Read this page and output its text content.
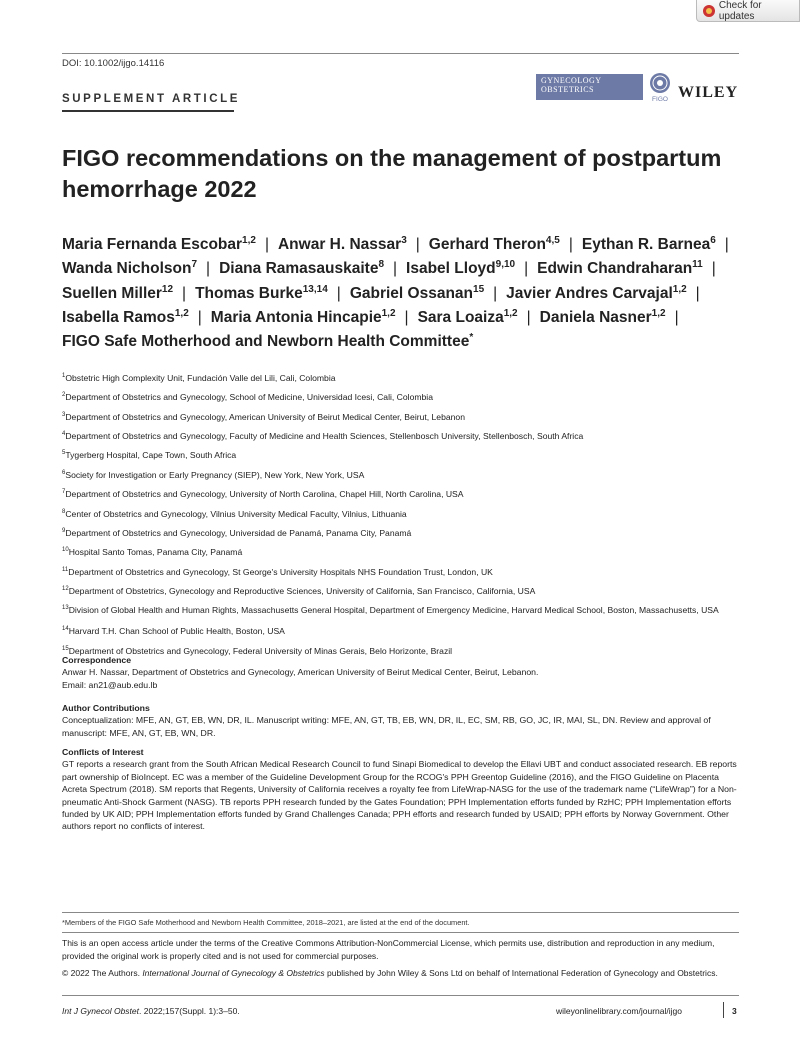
Check for updates
DOI: 10.1002/ijgo.14116
SUPPLEMENT ARTICLE
GYNECOLOGY
OBSTETRICS
FIGO WILEY
FIGO recommendations on the management of postpartum hemorrhage 2022
Maria Fernanda Escobar$^{1,2}$ | Anwar H. Nassar$^3$ | Gerhard Theron$^{4,5}$ | Eythan R. Barnea$^6$ |
Wanda Nicholson$^7$ | Diana Ramasauskaite$^8$ | Isabel Lloyd$^{9,10}$ | Edwin Chandraharan$^{11}$ |
Suellen Miller$^{12}$ | Thomas Burke$^{13,14}$ | Gabriel Ossanan$^{15}$ | Javier Andres Carvajal$^{1,2}$ |
Isabella Ramos$^{1,2}$ | Maria Antonia Hincapie$^{1,2}$ | Sara Loaiza$^{1,2}$ | Daniela Nasner$^{1,2}$ |
FIGO Safe Motherhood and Newborn Health Committee*
$^1$Obstetric High Complexity Unit, Fundación Valle del Lili, Cali, Colombia
$^2$Department of Obstetrics and Gynecology, School of Medicine, Universidad Icesi, Cali, Colombia
$^3$Department of Obstetrics and Gynecology, American University of Beirut Medical Center, Beirut, Lebanon
$^4$Department of Obstetrics and Gynecology, Faculty of Medicine and Health Sciences, Stellenbosch University, Stellenbosch, South Africa
$^5$Tygerberg Hospital, Cape Town, South Africa
$^6$Society for Investigation or Early Pregnancy (SIEP), New York, New York, USA
$^7$Department of Obstetrics and Gynecology, University of North Carolina, Chapel Hill, North Carolina, USA
$^8$Center of Obstetrics and Gynecology, Vilnius University Medical Faculty, Vilnius, Lithuania
$^9$Department of Obstetrics and Gynecology, Universidad de Panamá, Panama City, Panamá
$^{10}$Hospital Santo Tomas, Panama City, Panamá
$^{11}$Department of Obstetrics and Gynecology, St George's University Hospitals NHS Foundation Trust, London, UK
$^{12}$Department of Obstetrics, Gynecology and Reproductive Sciences, University of California, San Francisco, California, USA
$^{13}$Division of Global Health and Human Rights, Massachusetts General Hospital, Department of Emergency Medicine, Harvard Medical School, Boston, Massachusetts, USA
$^{14}$Harvard T.H. Chan School of Public Health, Boston, USA
$^{15}$Department of Obstetrics and Gynecology, Federal University of Minas Gerais, Belo Horizonte, Brazil
Correspondence
Anwar H. Nassar, Department of Obstetrics and Gynecology, American University of Beirut Medical Center, Beirut, Lebanon.
Email: an21@aub.edu.lb
Author Contributions
Conceptualization: MFE, AN, GT, EB, WN, DR, IL. Manuscript writing: MFE, AN, GT, TB, EB, WN, DR, IL, EC, SM, RB, GO, JC, IR, MAI, SL, DN. Review and approval of manuscript: MFE, AN, GT, EB, WN, DR.
Conflicts of Interest
GT reports a research grant from the South African Medical Research Council to fund Sinapi Biomedical to develop the Ellavi UBT and conduct associated research. EB reports part ownership of BioIncept. EC was a member of the Guideline Development Group for the RCOG's PPH Greentop Guideline (2016), and the FIGO Guideline on Placenta Acreta Spectrum (2018). SM reports that Regents, University of California receives a royalty fee from LifeWrap-NASG for the use of the trademark name (“LifeWrap”) for a Non-pneumatic Anti-Shock Garment (NASG). TB reports PPH research funded by the Gates Foundation; PPH Implementation efforts funded by RzHC; PPH Implementation efforts funded by UK AID; PPH Implementation efforts funded by Grand Challenges Canada; PPH efforts and research funded by USAID; PPH efforts by Norway Government. Other authors report no conflicts of interest.
*Members of the FIGO Safe Motherhood and Newborn Health Committee, 2018–2021, are listed at the end of the document.
This is an open access article under the terms of the Creative Commons Attribution-NonCommercial License, which permits use, distribution and reproduction in any medium, provided the original work is properly cited and is not used for commercial purposes.
© 2022 The Authors. International Journal of Gynecology & Obstetrics published by John Wiley & Sons Ltd on behalf of International Federation of Gynecology and Obstetrics.
Int J Gynecol Obstet. 2022;157(Suppl. 1):3–50.	wileyonlinelibrary.com/journal/ijgo	3
